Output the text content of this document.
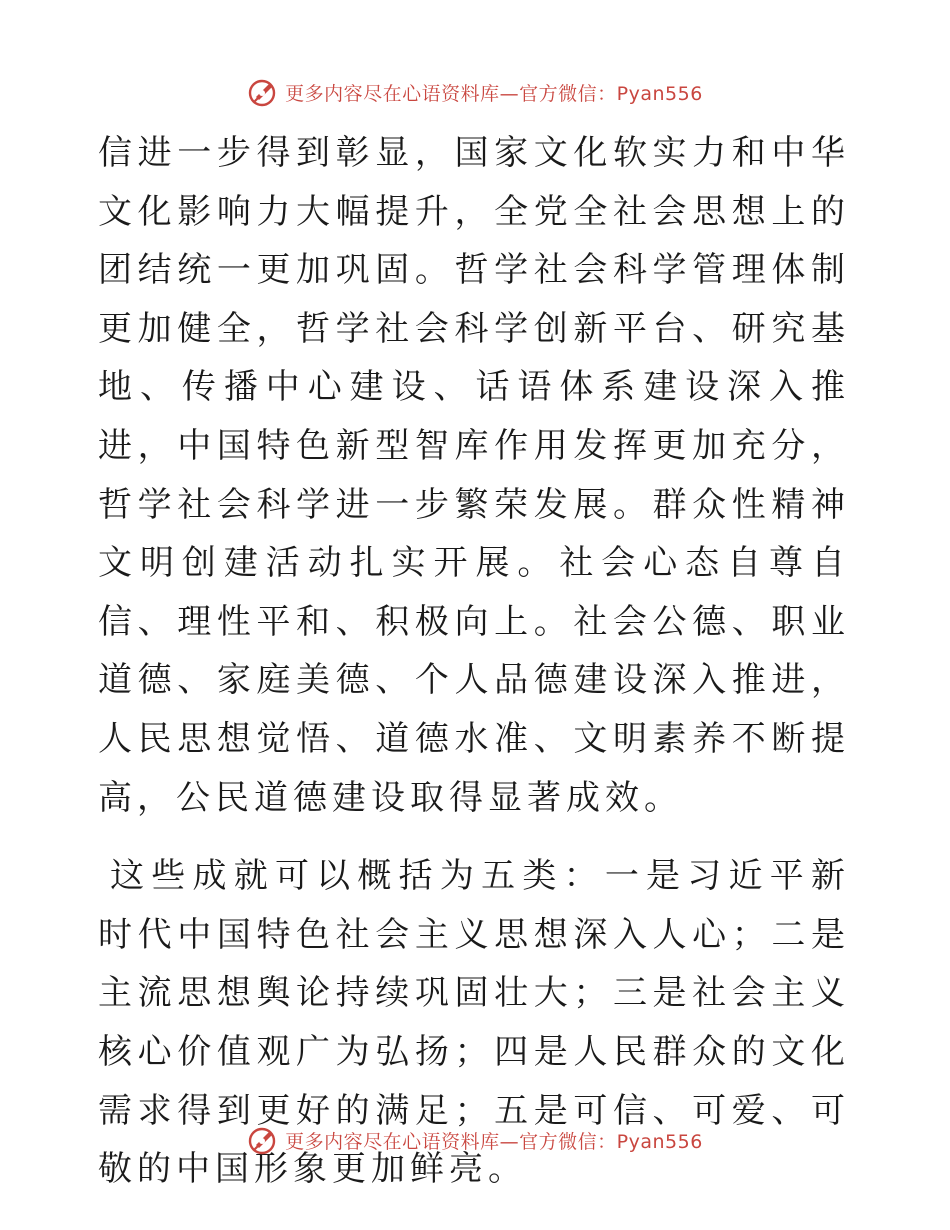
更多内容尽在心语资料库—官方微信：Pyan556

信进一步得到彰显，国家文化软实力和中华文化影响力大幅提升，全党全社会思想上的团结统一更加巩固。哲学社会科学管理体制更加健全，哲学社会科学创新平台、研究基地、传播中心建设、话语体系建设深入推进，中国特色新型智库作用发挥更加充分，哲学社会科学进一步繁荣发展。群众性精神文明创建活动扎实开展。社会心态自尊自信、理性平和、积极向上。社会公德、职业道德、家庭美德、个人品德建设深入推进，人民思想觉悟、道德水准、文明素养不断提高，公民道德建设取得显著成效。

这些成就可以概括为五类：一是习近平新时代中国特色社会主义思想深入人心；二是主流思想舆论持续巩固壮大；三是社会主义核心价值观广为弘扬；四是人民群众的文化需求得到更好的满足；五是可信、可爱、可敬的中国形象更加鲜亮。

更多内容尽在心语资料库—官方微信：Pyan556
